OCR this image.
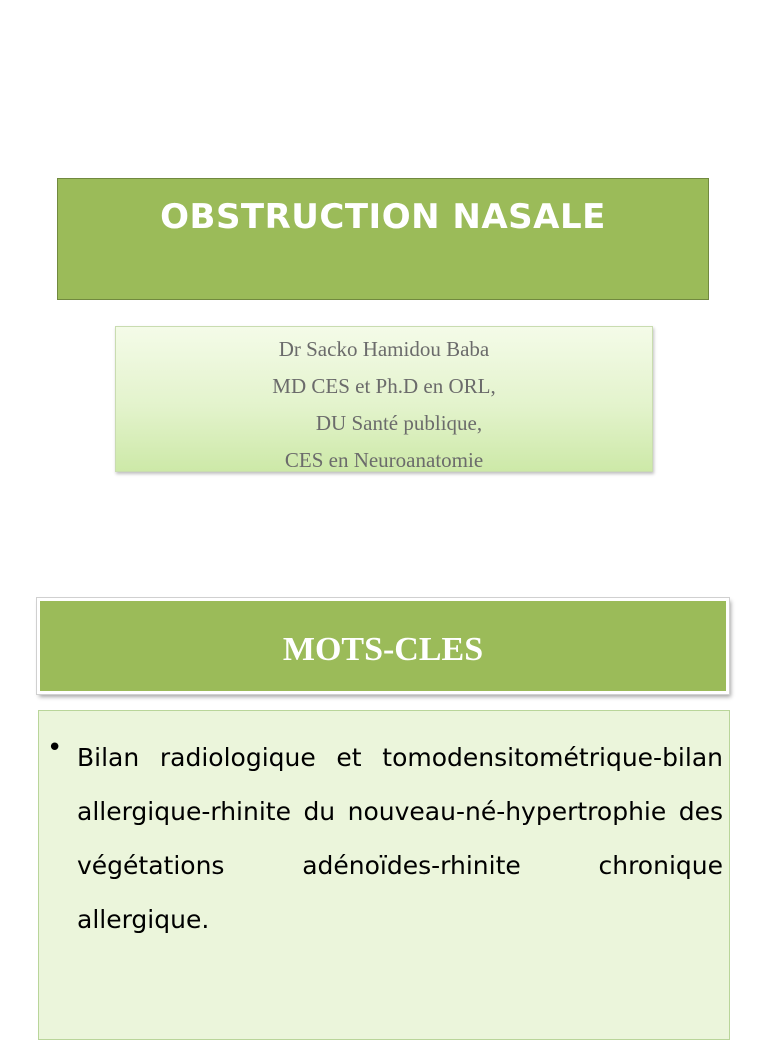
OBSTRUCTION NASALE
Dr Sacko Hamidou Baba
MD CES et Ph.D en ORL,
DU Santé publique,
CES en Neuroanatomie
MOTS-CLES
• Bilan radiologique et tomodensitométrique-bilan allergique-rhinite du nouveau-né-hypertrophie des végétations adénoïdes-rhinite chronique allergique.
